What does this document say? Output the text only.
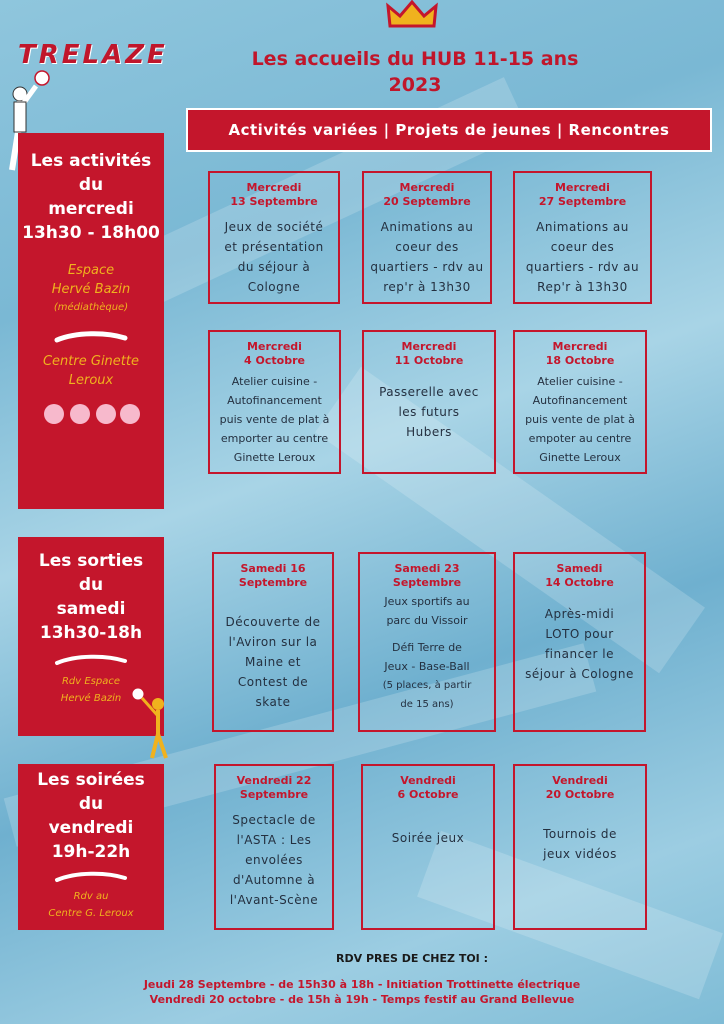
TRELAZE	Les accueils du HUB 11-15 ans
2023
Activités variées | Projets de jeunes | Rencontres
Les activités
du
mercredi
13h30 - 18h00
Espace
Hervé Bazin
(médiathèque)
Centre Ginette
Leroux
Les sorties
du
samedi
13h30-18h
Rdv Espace
Hervé Bazin
Les soirées
du
vendredi
19h-22h
Rdv au
Centre G. Leroux
Mercredi
13 Septembre
Jeux de société
et présentation
du séjour à
Cologne
Mercredi
20 Septembre
Animations au
coeur des
quartiers - rdv au
rep'r à 13h30
Mercredi
27 Septembre
Animations au
coeur des
quartiers - rdv au
Rep'r à 13h30
Mercredi
4 Octobre
Atelier cuisine -
Autofinancement
puis vente de plat à
emporter au centre
Ginette Leroux
Mercredi
11 Octobre
Passerelle avec
les futurs
Hubers
Mercredi
18 Octobre
Atelier cuisine -
Autofinancement
puis vente de plat à
empoter au centre
Ginette Leroux
Samedi 16
Septembre
Découverte de
l'Aviron sur la
Maine et
Contest de
skate
Samedi 23
Septembre
Jeux sportifs au
parc du Vissoir
Défi Terre de
Jeux - Base-Ball
(5 places, à partir
de 15 ans)
Samedi
14 Octobre
Après-midi
LOTO pour
financer le
séjour à Cologne
Vendredi 22
Septembre
Spectacle de
l'ASTA : Les
envolées
d'Automne à
l'Avant-Scène
Vendredi
6 Octobre
Soirée jeux
Vendredi
20 Octobre
Tournois de
jeux vidéos
RDV PRES DE CHEZ TOI :
Jeudi 28 Septembre - de 15h30 à 18h - Initiation Trottinette électrique
Vendredi 20 octobre - de 15h à 19h - Temps festif au Grand Bellevue
